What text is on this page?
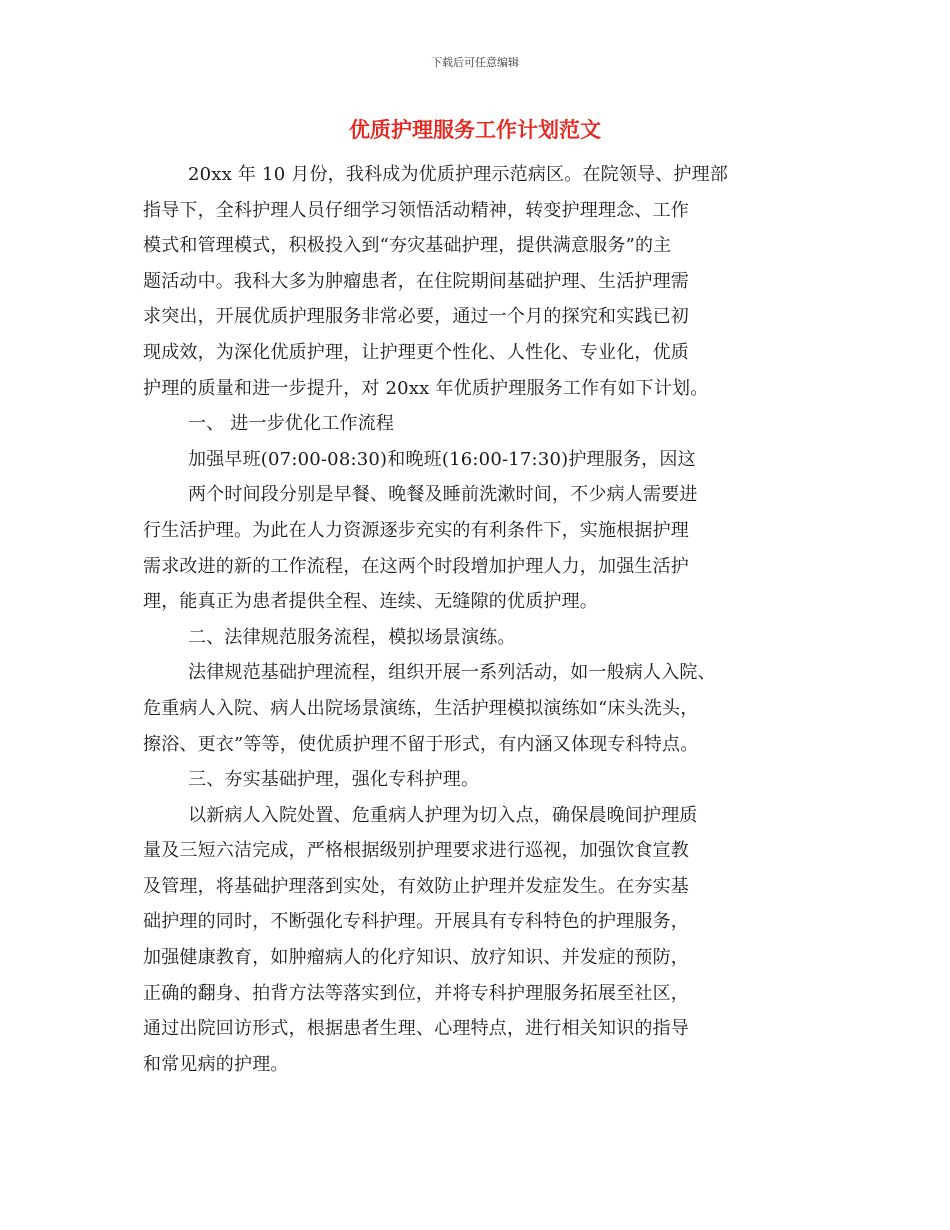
下载后可任意编辑
优质护理服务工作计划范文
20xx 年 10 月份，我科成为优质护理示范病区。在院领导、护理部
指导下，全科护理人员仔细学习领悟活动精神，转变护理理念、工作
模式和管理模式，积极投入到“夯灾基础护理，提供满意服务”的主
题活动中。我科大多为肿瘤患者，在住院期间基础护理、生活护理需
求突出，开展优质护理服务非常必要，通过一个月的探究和实践已初
现成效，为深化优质护理，让护理更个性化、人性化、专业化，优质
护理的质量和进一步提升，对 20xx 年优质护理服务工作有如下计划。
一、 进一步优化工作流程
加强早班(07:00-08:30)和晚班(16:00-17:30)护理服务，因这
两个时间段分别是早餐、晚餐及睡前洗漱时间，不少病人需要进
行生活护理。为此在人力资源逐步充实的有利条件下，实施根据护理
需求改进的新的工作流程，在这两个时段增加护理人力，加强生活护
理，能真正为患者提供全程、连续、无缝隙的优质护理。
二、法律规范服务流程，模拟场景演练。
法律规范基础护理流程，组织开展一系列活动，如一般病人入院、
危重病人入院、病人出院场景演练，生活护理模拟演练如“床头洗头，
擦浴、更衣”等等，使优质护理不留于形式，有内涵又体现专科特点。
三、夯实基础护理，强化专科护理。
以新病人入院处置、危重病人护理为切入点，确保晨晚间护理质
量及三短六洁完成，严格根据级别护理要求进行巡视，加强饮食宣教
及管理，将基础护理落到实处，有效防止护理并发症发生。在夯实基
础护理的同时，不断强化专科护理。开展具有专科特色的护理服务，
加强健康教育，如肿瘤病人的化疗知识、放疗知识、并发症的预防，
正确的翻身、拍背方法等落实到位，并将专科护理服务拓展至社区，
通过出院回访形式，根据患者生理、心理特点，进行相关知识的指导
和常见病的护理。
